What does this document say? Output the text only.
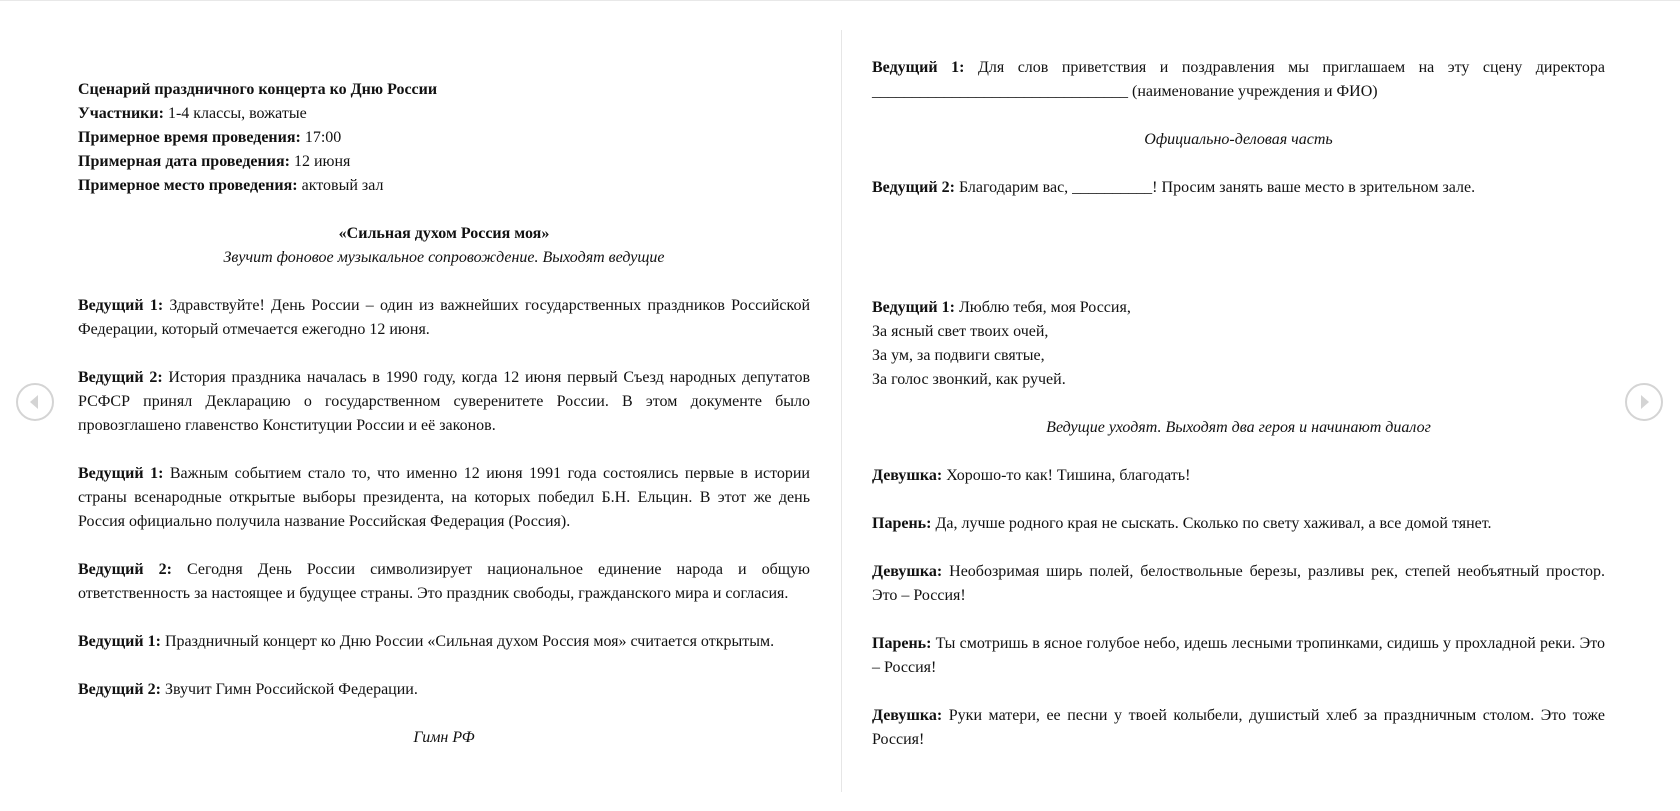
Сценарий праздничного концерта ко Дню России

Участники: 1-4 классы, вожатые

Примерное время проведения: 17:00

Примерная дата проведения: 12 июня

Примерное место проведения: актовый зал

«Сильная духом Россия моя»

Звучит фоновое музыкальное сопровождение. Выходят ведущие

Ведущий 1: Здравствуйте! День России – один из важнейших государственных праздников Российской Федерации, который отмечается ежегодно 12 июня.

Ведущий 2: История праздника началась в 1990 году, когда 12 июня первый Съезд народных депутатов РСФСР принял Декларацию о государственном суверенитете России. В этом документе было провозглашено главенство Конституции России и её законов.

Ведущий 1: Важным событием стало то, что именно 12 июня 1991 года состоялись первые в истории страны всенародные открытые выборы президента, на которых победил Б.Н. Ельцин. В этот же день Россия официально получила название Российская Федерация (Россия).

Ведущий 2: Сегодня День России символизирует национальное единение народа и общую ответственность за настоящее и будущее страны. Это праздник свободы, гражданского мира и согласия.

Ведущий 1: Праздничный концерт ко Дню России «Сильная духом Россия моя» считается открытым.

Ведущий 2: Звучит Гимн Российской Федерации.

Гимн РФ

Ведущий 1: Для слов приветствия и поздравления мы приглашаем на эту сцену директора ________________________________ (наименование учреждения и ФИО)

Официально-деловая часть

Ведущий 2: Благодарим вас, __________! Просим занять ваше место в зрительном зале.

Ведущий 1: Люблю тебя, моя Россия,

За ясный свет твоих очей,

За ум, за подвиги святые,

За голос звонкий, как ручей.

Ведущие уходят. Выходят два героя и начинают диалог

Девушка: Хорошо-то как! Тишина, благодать!

Парень: Да, лучше родного края не сыскать. Сколько по свету хаживал, а все домой тянет.

Девушка: Необозримая ширь полей, белоствольные березы, разливы рек, степей необъятный простор. Это – Россия!

Парень: Ты смотришь в ясное голубое небо, идешь лесными тропинками, сидишь у прохладной реки. Это – Россия!

Девушка: Руки матери, ее песни у твоей колыбели, душистый хлеб за праздничным столом. Это тоже Россия!
